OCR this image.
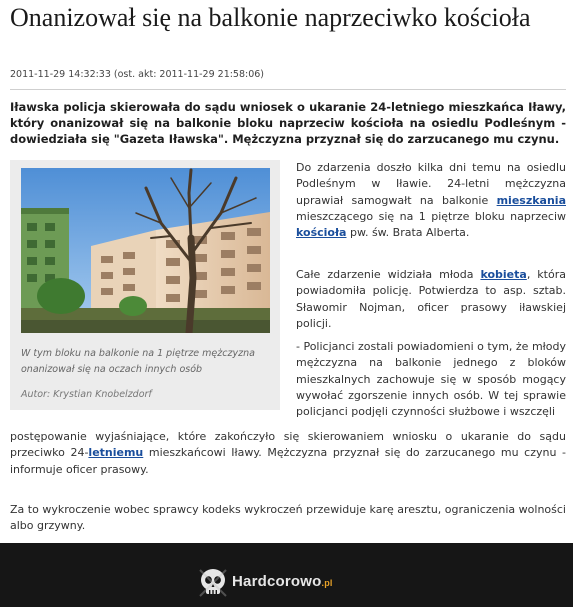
Onanizował się na balkonie naprzeciwko kościoła
2011-11-29 14:32:33 (ost. akt: 2011-11-29 21:58:06)

Iławska policja skierowała do sądu wniosek o ukaranie 24-letniego mieszkańca Iławy, który onanizował się na balkonie bloku naprzeciw kościoła na osiedlu Podleśnym - dowiedziała się "Gazeta Iławska". Mężczyzna przyznał się do zarzucanego mu czynu.

W tym bloku na balkonie na 1 piętrze mężczyzna onanizował się na oczach innych osób

Autor: Krystian Knobelzdorf

Do zdarzenia doszło kilka dni temu na osiedlu Podleśnym w Iławie. 24-letni mężczyzna uprawiał samogwałt na balkonie mieszkania mieszczącego się na 1 piętrze bloku naprzeciw kościoła pw. św. Brata Alberta.

Całe zdarzenie widziała młoda kobieta, która powiadomiła policję. Potwierdza to asp. sztab. Sławomir Nojman, oficer prasowy iławskiej policji.

- Policjanci zostali powiadomieni o tym, że młody mężczyzna na balkonie jednego z bloków mieszkalnych zachowuje się w sposób mogący wywołać zgorszenie innych osób. W tej sprawie policjanci podjęli czynności służbowe i wszczęli

postępowanie wyjaśniające, które zakończyło się skierowaniem wniosku o ukaranie do sądu przeciwko 24-letniemu mieszkańcowi Iławy. Mężczyzna przyznał się do zarzucanego mu czynu - informuje oficer prasowy.

Za to wykroczenie wobec sprawcy kodeks wykroczeń przewiduje karę aresztu, ograniczenia wolności albo grzywny.

Hardcorowo.pl
